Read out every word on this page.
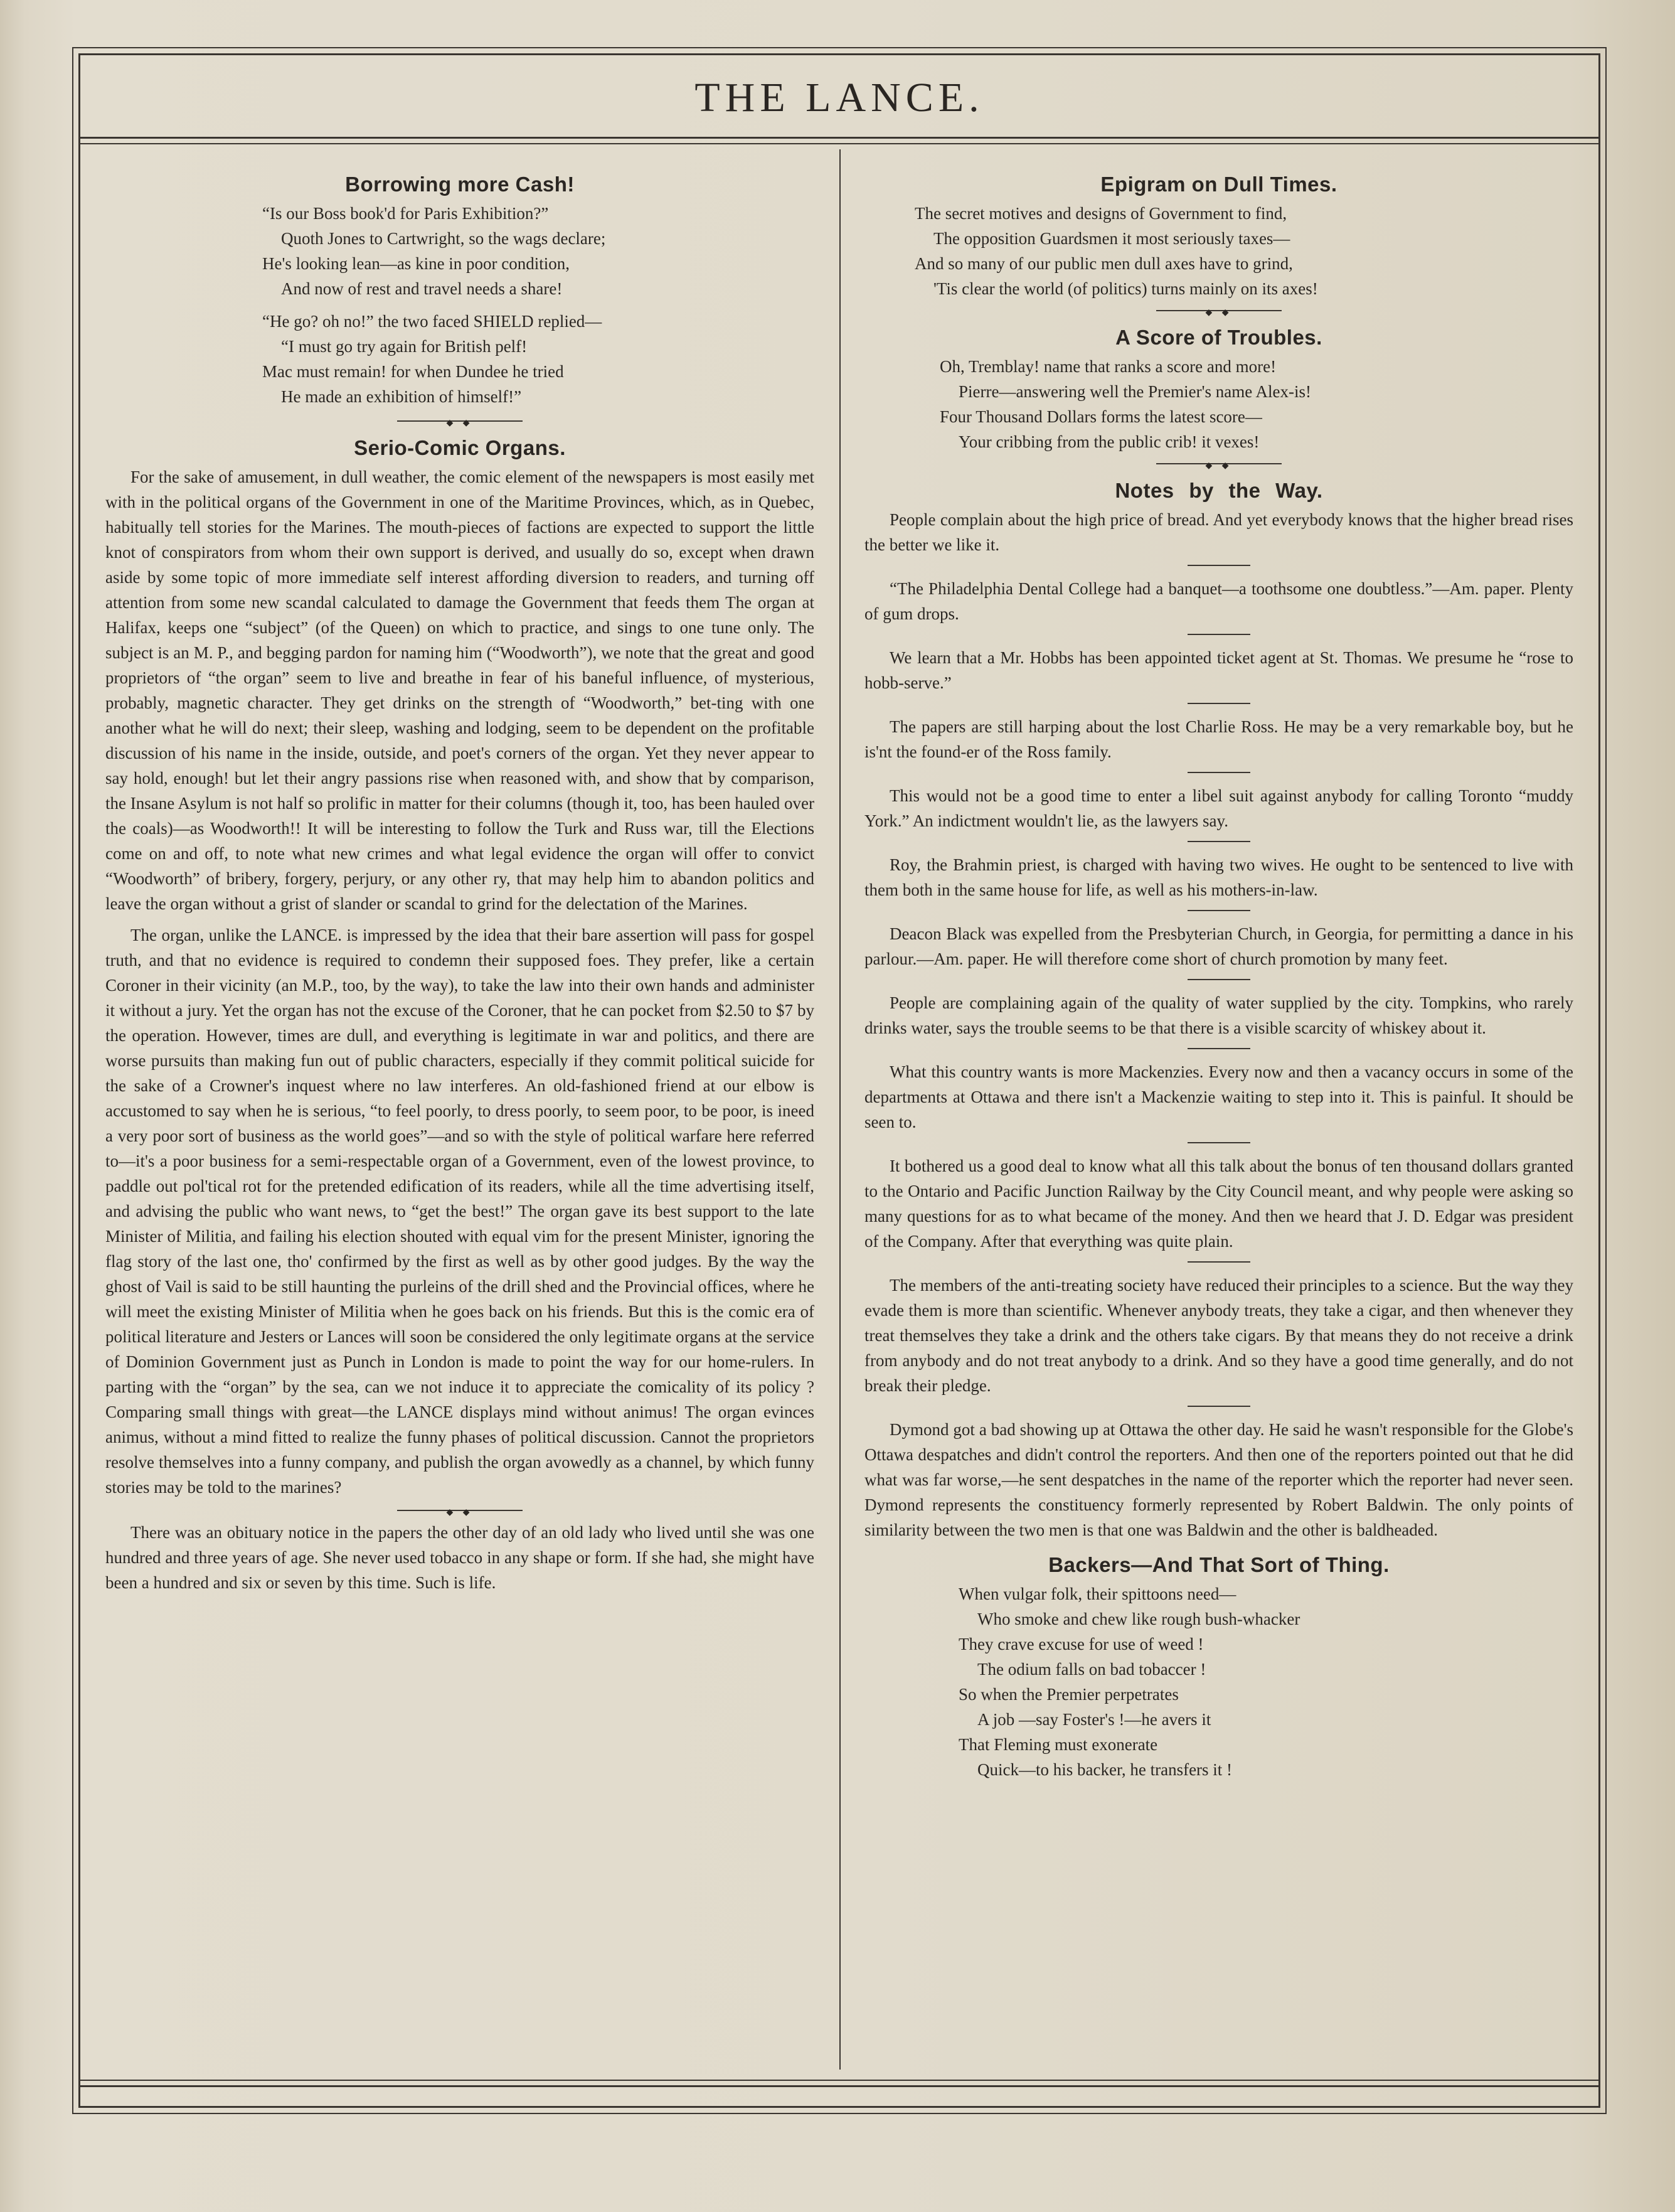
THE LANCE.
Borrowing more Cash!
“Is our Boss book'd for Paris Exhibition?”
Quoth Jones to Cartwright, so the wags declare;
He's looking lean—as kine in poor condition,
And now of rest and travel needs a share!
“He go? oh no!” the two faced SHIELD replied—
“I must go try again for British pelf!
Mac must remain! for when Dundee he tried
He made an exhibition of himself!”
◆ ◆
Serio-Comic Organs.

For the sake of amusement, in dull weather, the comic element of the newspapers is most easily met with in the political organs of the Government in one of the Maritime Provinces, which, as in Quebec, habitually tell stories for the Marines. The mouth-pieces of factions are expected to support the little knot of conspirators from whom their own support is derived, and usually do so, except when drawn aside by some topic of more immediate self interest affording diversion to readers, and turning off attention from some new scandal calculated to damage the Government that feeds them The organ at Halifax, keeps one “subject” (of the Queen) on which to practice, and sings to one tune only. The subject is an M. P., and begging pardon for naming him (“Woodworth”), we note that the great and good proprietors of “the organ” seem to live and breathe in fear of his baneful influence, of mysterious, probably, magnetic character. They get drinks on the strength of “Woodworth,” bet-ting with one another what he will do next; their sleep, washing and lodging, seem to be dependent on the profitable discussion of his name in the inside, outside, and poet's corners of the organ. Yet they never appear to say hold, enough! but let their angry passions rise when reasoned with, and show that by comparison, the Insane Asylum is not half so prolific in matter for their columns (though it, too, has been hauled over the coals)—as Woodworth!! It will be interesting to follow the Turk and Russ war, till the Elections come on and off, to note what new crimes and what legal evidence the organ will offer to convict “Woodworth” of bribery, forgery, perjury, or any other ry, that may help him to abandon politics and leave the organ without a grist of slander or scandal to grind for the delectation of the Marines.

The organ, unlike the LANCE. is impressed by the idea that their bare assertion will pass for gospel truth, and that no evidence is required to condemn their supposed foes. They prefer, like a certain Coroner in their vicinity (an M.P., too, by the way), to take the law into their own hands and administer it without a jury. Yet the organ has not the excuse of the Coroner, that he can pocket from $2.50 to $7 by the operation. However, times are dull, and everything is legitimate in war and politics, and there are worse pursuits than making fun out of public characters, especially if they commit political suicide for the sake of a Crowner's inquest where no law interferes. An old-fashioned friend at our elbow is accustomed to say when he is serious, “to feel poorly, to dress poorly, to seem poor, to be poor, is ineed a very poor sort of business as the world goes”—and so with the style of political warfare here referred to—it's a poor business for a semi-respectable organ of a Government, even of the lowest province, to paddle out pol'tical rot for the pretended edification of its readers, while all the time advertising itself, and advising the public who want news, to “get the best!” The organ gave its best support to the late Minister of Militia, and failing his election shouted with equal vim for the present Minister, ignoring the flag story of the last one, tho' confirmed by the first as well as by other good judges. By the way the ghost of Vail is said to be still haunting the purleins of the drill shed and the Provincial offices, where he will meet the existing Minister of Militia when he goes back on his friends. But this is the comic era of political literature and Jesters or Lances will soon be considered the only legitimate organs at the service of Dominion Government just as Punch in London is made to point the way for our home-rulers. In parting with the “organ” by the sea, can we not induce it to appreciate the comicality of its policy ? Comparing small things with great—the LANCE displays mind without animus! The organ evinces animus, without a mind fitted to realize the funny phases of political discussion. Cannot the proprietors resolve themselves into a funny company, and publish the organ avowedly as a channel, by which funny stories may be told to the marines?

◆ ◆

There was an obituary notice in the papers the other day of an old lady who lived until she was one hundred and three years of age. She never used tobacco in any shape or form. If she had, she might have been a hundred and six or seven by this time. Such is life.

Epigram on Dull Times.
The secret motives and designs of Government to find,
The opposition Guardsmen it most seriously taxes—
And so many of our public men dull axes have to grind,
'Tis clear the world (of politics) turns mainly on its axes!
◆ ◆
A Score of Troubles.
Oh, Tremblay! name that ranks a score and more!
Pierre—answering well the Premier's name Alex-is!
Four Thousand Dollars forms the latest score—
Your cribbing from the public crib! it vexes!
◆ ◆
Notes by the Way.

People complain about the high price of bread. And yet everybody knows that the higher bread rises the better we like it.

“The Philadelphia Dental College had a banquet—a toothsome one doubtless.”—Am. paper. Plenty of gum drops.

We learn that a Mr. Hobbs has been appointed ticket agent at St. Thomas. We presume he “rose to hobb-serve.”

The papers are still harping about the lost Charlie Ross. He may be a very remarkable boy, but he is'nt the found-er of the Ross family.

This would not be a good time to enter a libel suit against anybody for calling Toronto “muddy York.” An indictment wouldn't lie, as the lawyers say.

Roy, the Brahmin priest, is charged with having two wives. He ought to be sentenced to live with them both in the same house for life, as well as his mothers-in-law.

Deacon Black was expelled from the Presbyterian Church, in Georgia, for permitting a dance in his parlour.—Am. paper. He will therefore come short of church promotion by many feet.

People are complaining again of the quality of water supplied by the city. Tompkins, who rarely drinks water, says the trouble seems to be that there is a visible scarcity of whiskey about it.

What this country wants is more Mackenzies. Every now and then a vacancy occurs in some of the departments at Ottawa and there isn't a Mackenzie waiting to step into it. This is painful. It should be seen to.

It bothered us a good deal to know what all this talk about the bonus of ten thousand dollars granted to the Ontario and Pacific Junction Railway by the City Council meant, and why people were asking so many questions for as to what became of the money. And then we heard that J. D. Edgar was president of the Company. After that everything was quite plain.

The members of the anti-treating society have reduced their principles to a science. But the way they evade them is more than scientific. Whenever anybody treats, they take a cigar, and then whenever they treat themselves they take a drink and the others take cigars. By that means they do not receive a drink from anybody and do not treat anybody to a drink. And so they have a good time generally, and do not break their pledge.

Dymond got a bad showing up at Ottawa the other day. He said he wasn't responsible for the Globe's Ottawa despatches and didn't control the reporters. And then one of the reporters pointed out that he did what was far worse,—he sent despatches in the name of the reporter which the reporter had never seen. Dymond represents the constituency formerly represented by Robert Baldwin. The only points of similarity between the two men is that one was Baldwin and the other is baldheaded.

Backers—And That Sort of Thing.
When vulgar folk, their spittoons need—
Who smoke and chew like rough bush-whacker
They crave excuse for use of weed !
The odium falls on bad tobaccer !
So when the Premier perpetrates
A job —say Foster's !—he avers it
That Fleming must exonerate
Quick—to his backer, he transfers it !
